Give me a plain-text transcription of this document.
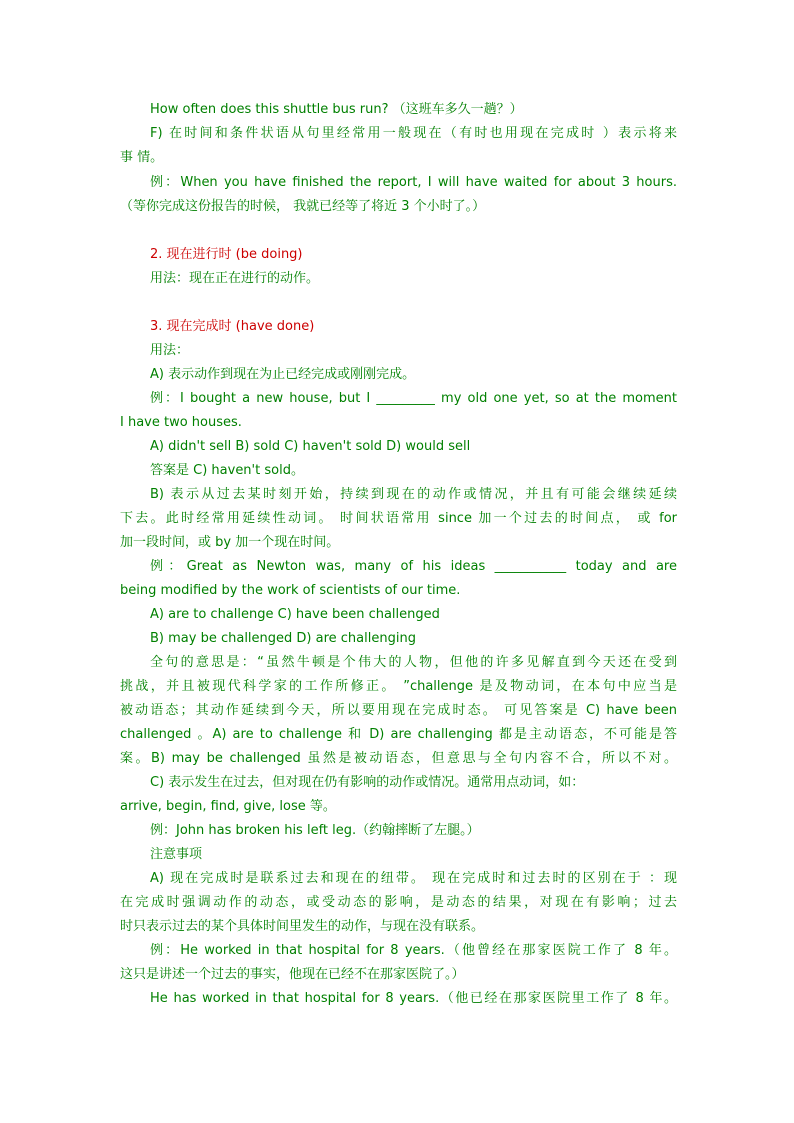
How often does this shuttle bus run? （这班车多久一趟？）
F) 在时间和条件状语从句里经常用一般现在（有时也用现在完成时 ）表示将来
事 情。
例：When you have finished the report, I will have waited for about 3 hours.
（等你完成这份报告的时候， 我就已经等了将近 3 个小时了。）
2. 现在进行时 (be doing)
用法：现在正在进行的动作。
3. 现在完成时 (have done)
用法：
A) 表示动作到现在为止已经完成或刚刚完成。
例：I bought a new house, but I _________ my old one yet, so at the moment
I have two houses.
A) didn't sell B) sold C) haven't sold D) would sell
答案是 C) haven't sold。
B) 表示从过去某时刻开始，持续到现在的动作或情况，并且有可能会继续延续
下去。此时经常用延续性动词。 时间状语常用 since 加一个过去的时间点， 或 for
加一段时间，或 by 加一个现在时间。
例：Great as Newton was, many of his ideas ___________ today and are
being modified by the work of scientists of our time.
A) are to challenge C) have been challenged
B) may be challenged D) are challenging
全句的意思是：“虽然牛顿是个伟大的人物，但他的许多见解直到今天还在受到
挑战，并且被现代科学家的工作所修正。 ”challenge 是及物动词，在本句中应当是
被动语态；其动作延续到今天，所以要用现在完成时态。 可见答案是 C) have been
challenged 。A) are to challenge 和 D) are challenging 都是主动语态，不可能是答
案。B) may be challenged 虽然是被动语态，但意思与全句内容不合，所以不对。
C) 表示发生在过去，但对现在仍有影响的动作或情况。通常用点动词，如：
arrive, begin, find, give, lose 等。
例：John has broken his left leg.（约翰摔断了左腿。）
注意事项
A) 现在完成时是联系过去和现在的纽带。 现在完成时和过去时的区别在于 ：现
在完成时强调动作的动态，或受动态的影响，是动态的结果，对现在有影响；过去
时只表示过去的某个具体时间里发生的动作，与现在没有联系。
例：He worked in that hospital for 8 years.（他曾经在那家医院工作了 8 年。
这只是讲述一个过去的事实，他现在已经不在那家医院了。）
He has worked in that hospital for 8 years.（他已经在那家医院里工作了 8 年。
